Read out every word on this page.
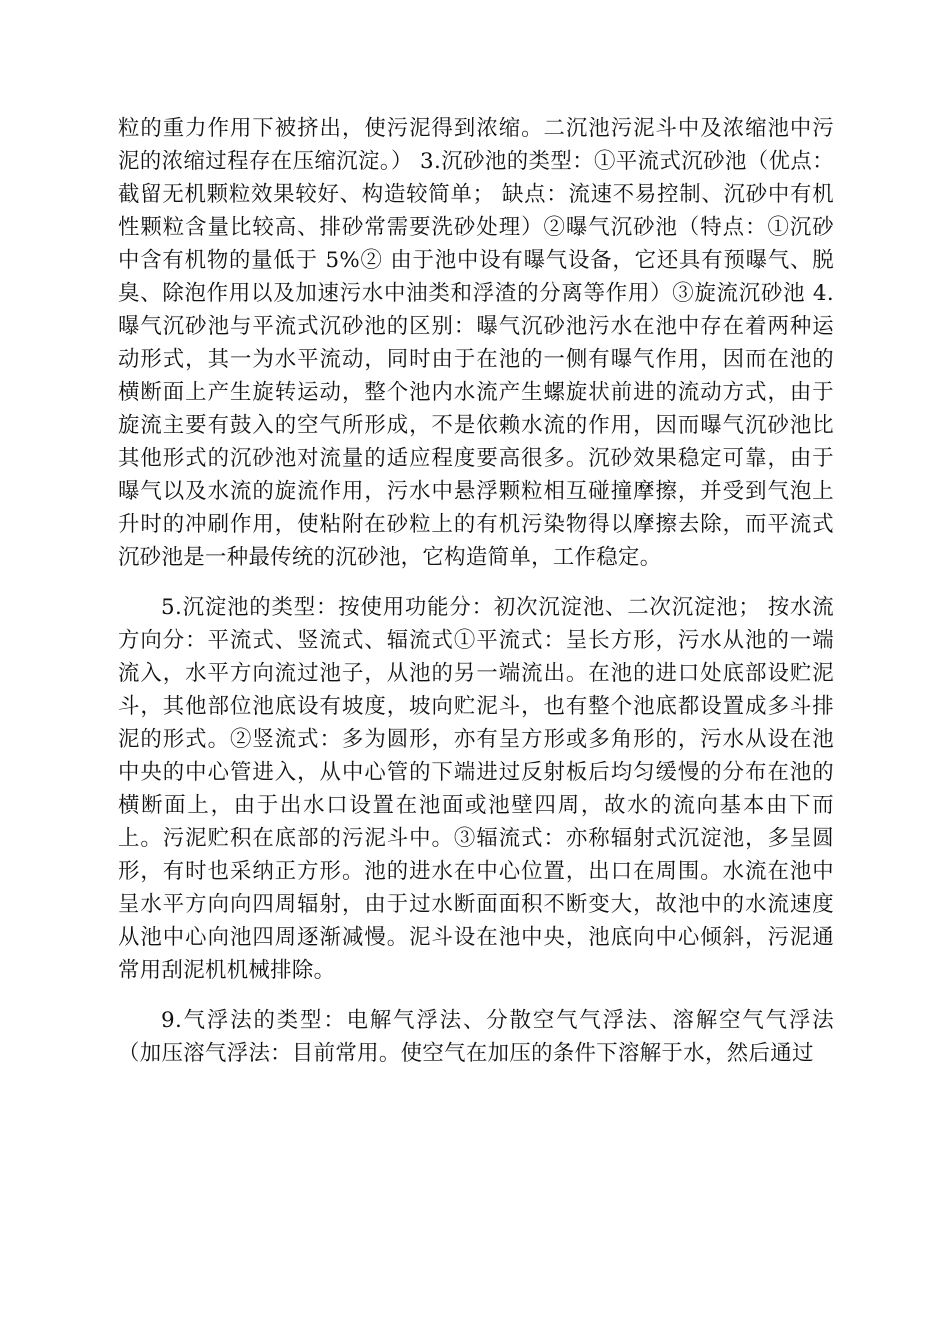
粒的重力作用下被挤出，使污泥得到浓缩。二沉池污泥斗中及浓缩池中污泥的浓缩过程存在压缩沉淀。） 3.沉砂池的类型：①平流式沉砂池（优点：截留无机颗粒效果较好、构造较简单； 缺点：流速不易控制、沉砂中有机性颗粒含量比较高、排砂常需要洗砂处理）②曝气沉砂池（特点：①沉砂中含有机物的量低于 5%② 由于池中设有曝气设备，它还具有预曝气、脱臭、除泡作用以及加速污水中油类和浮渣的分离等作用）③旋流沉砂池 4.曝气沉砂池与平流式沉砂池的区别：曝气沉砂池污水在池中存在着两种运动形式，其一为水平流动，同时由于在池的一侧有曝气作用，因而在池的横断面上产生旋转运动，整个池内水流产生螺旋状前进的流动方式，由于旋流主要有鼓入的空气所形成，不是依赖水流的作用，因而曝气沉砂池比其他形式的沉砂池对流量的适应程度要高很多。沉砂效果稳定可靠，由于曝气以及水流的旋流作用，污水中悬浮颗粒相互碰撞摩擦，并受到气泡上升时的冲刷作用，使粘附在砂粒上的有机污染物得以摩擦去除，而平流式沉砂池是一种最传统的沉砂池，它构造简单，工作稳定。

5.沉淀池的类型：按使用功能分：初次沉淀池、二次沉淀池； 按水流方向分：平流式、竖流式、辐流式①平流式：呈长方形，污水从池的一端流入，水平方向流过池子，从池的另一端流出。在池的进口处底部设贮泥斗，其他部位池底设有坡度，坡向贮泥斗，也有整个池底都设置成多斗排泥的形式。②竖流式：多为圆形，亦有呈方形或多角形的，污水从设在池中央的中心管进入，从中心管的下端进过反射板后均匀缓慢的分布在池的横断面上，由于出水口设置在池面或池壁四周，故水的流向基本由下而上。污泥贮积在底部的污泥斗中。③辐流式：亦称辐射式沉淀池，多呈圆形，有时也采纳正方形。池的进水在中心位置，出口在周围。水流在池中呈水平方向向四周辐射，由于过水断面面积不断变大，故池中的水流速度从池中心向池四周逐渐减慢。泥斗设在池中央，池底向中心倾斜，污泥通常用刮泥机机械排除。

9.气浮法的类型：电解气浮法、分散空气气浮法、溶解空气气浮法（加压溶气浮法：目前常用。使空气在加压的条件下溶解于水，然后通过
